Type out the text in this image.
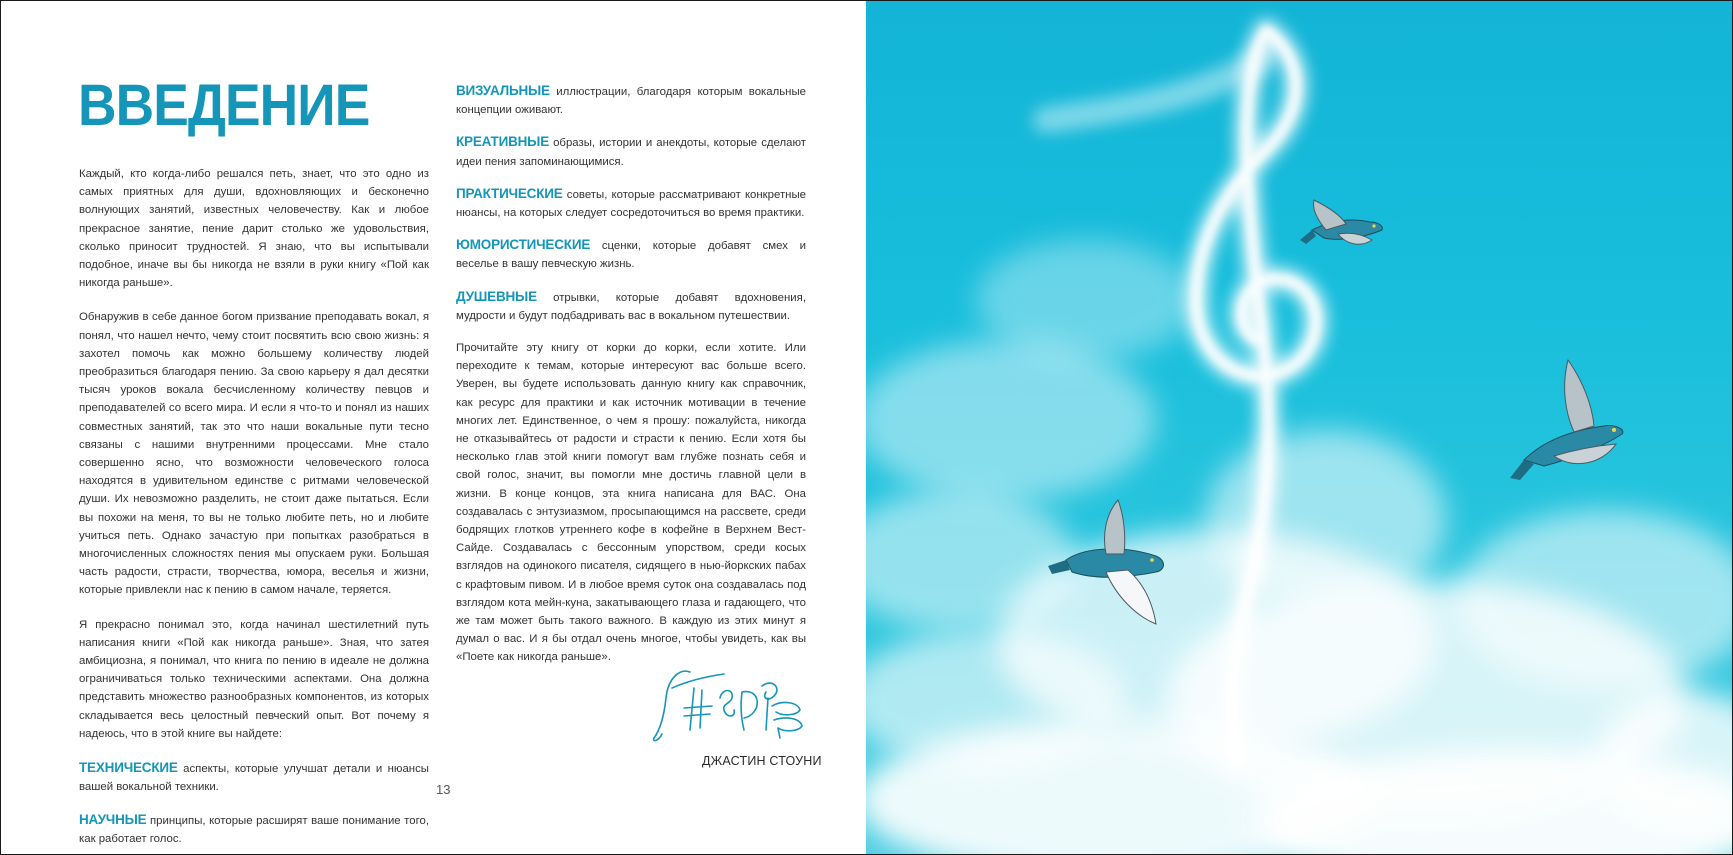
ВВЕДЕНИЕ

Каждый, кто когда-либо решался петь, знает, что это одно из самых приятных для души, вдохновляющих и бесконечно волнующих занятий, известных человечеству. Как и любое прекрасное занятие, пение дарит столько же удовольствия, сколько приносит трудностей. Я знаю, что вы испытывали подобное, иначе вы бы никогда не взяли в руки книгу «Пой как никогда раньше».

Обнаружив в себе данное богом призвание преподавать вокал, я понял, что нашел нечто, чему стоит посвятить всю свою жизнь: я захотел помочь как можно большему количеству людей преобразиться благодаря пению. За свою карьеру я дал десятки тысяч уроков вокала бесчисленному количеству певцов и преподавателей со всего мира. И если я что-то и понял из наших совместных занятий, так это что наши вокальные пути тесно связаны с нашими внутренними процессами. Мне стало совершенно ясно, что возможности человеческого голоса находятся в удивительном единстве с ритмами человеческой души. Их невозможно разделить, не стоит даже пытаться. Если вы похожи на меня, то вы не только любите петь, но и любите учиться петь. Однако зачастую при попытках разобраться в многочисленных сложностях пения мы опускаем руки. Большая часть радости, страсти, творчества, юмора, веселья и жизни, которые привлекли нас к пению в самом начале, теряется.

Я прекрасно понимал это, когда начинал шестилетний путь написания книги «Пой как никогда раньше». Зная, что затея амбициозна, я понимал, что книга по пению в идеале не должна ограничиваться только техническими аспектами. Она должна представить множество разнообразных компонентов, из которых складывается весь целостный певческий опыт. Вот почему я надеюсь, что в этой книге вы найдете:

ТЕХНИЧЕСКИЕ аспекты, которые улучшат детали и нюансы вашей вокальной техники.

НАУЧНЫЕ принципы, которые расширят ваше понимание того, как работает голос.

ВИЗУАЛЬНЫЕ иллюстрации, благодаря которым вокальные концепции оживают.

КРЕАТИВНЫЕ образы, истории и анекдоты, которые сделают идеи пения запоминающимися.

ПРАКТИЧЕСКИЕ советы, которые рассматривают конкретные нюансы, на которых следует сосредоточиться во время практики.

ЮМОРИСТИЧЕСКИЕ сценки, которые добавят смех и веселье в вашу певческую жизнь.

ДУШЕВНЫЕ отрывки, которые добавят вдохновения, мудрости и будут подбадривать вас в вокальном путешествии.

Прочитайте эту книгу от корки до корки, если хотите. Или переходите к темам, которые интересуют вас больше всего. Уверен, вы будете использовать данную книгу как справочник, как ресурс для практики и как источник мотивации в течение многих лет. Единственное, о чем я прошу: пожалуйста, никогда не отказывайтесь от радости и страсти к пению. Если хотя бы несколько глав этой книги помогут вам глубже познать себя и свой голос, значит, вы помогли мне достичь главной цели в жизни. В конце концов, эта книга написана для ВАС. Она создавалась с энтузиазмом, просыпающимся на рассвете, среди бодрящих глотков утреннего кофе в кофейне в Верхнем Вест-Сайде. Создавалась с бессонным упорством, среди косых взглядов на одинокого писателя, сидящего в нью-йоркских пабах с крафтовым пивом. И в любое время суток она создавалась под взглядом кота мейн-куна, закатывающего глаза и гадающего, что же там может быть такого важного. В каждую из этих минут я думал о вас. И я бы отдал очень многое, чтобы увидеть, как вы «Поете как никогда раньше».

ДЖАСТИН СТОУНИ
13
